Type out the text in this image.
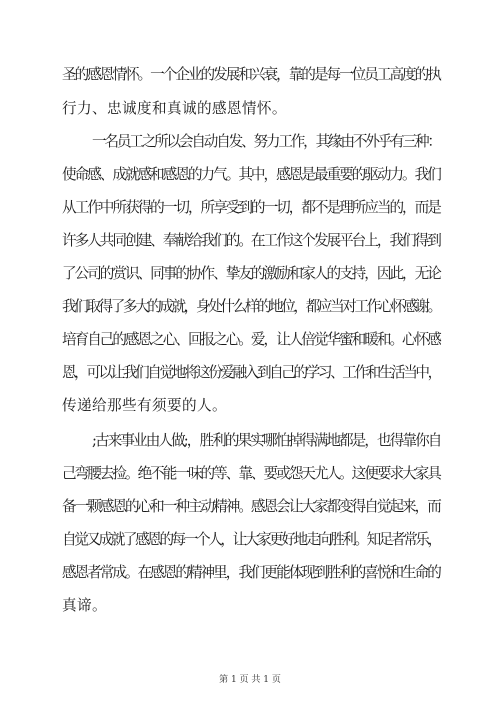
圣的感恩情怀。一个企业的发展和兴衰，靠的是每一位员工高度的执
行力、忠诚度和真诚的感恩情怀。
一名员工之所以会自动自发、努力工作，其缘由不外乎有三种：
使命感、成就感和感恩的力气。其中，感恩是最重要的驱动力。我们
从工作中所获得的一切，所享受到的一切，都不是理所应当的，而是
许多人共同创建、奉献给我们的。在工作这个发展平台上，我们得到
了公司的赏识、同事的协作、挚友的激励和家人的支持，因此，无论
我们取得了多大的成就，身处什么样的地位，都应当对工作心怀感谢。
培育自己的感恩之心、回报之心。爱，让人倍觉华蜜和暖和。心怀感
恩，可以让我们自觉地将这份爱融入到自己的学习、工作和生活当中，
传递给那些有须要的人。
;古来事业由人做;，胜利的果实哪怕掉得满地都是，也得靠你自
己弯腰去捡。绝不能一味的等、靠、要或怨天尤人。这便要求大家具
备一颗感恩的心和一种主动精神。感恩会让大家都变得自觉起来，而
自觉又成就了感恩的每一个人，让大家更好地走向胜利。知足者常乐，
感恩者常成。在感恩的精神里，我们更能体现到胜利的喜悦和生命的
真谛。
第 1 页 共 1 页
